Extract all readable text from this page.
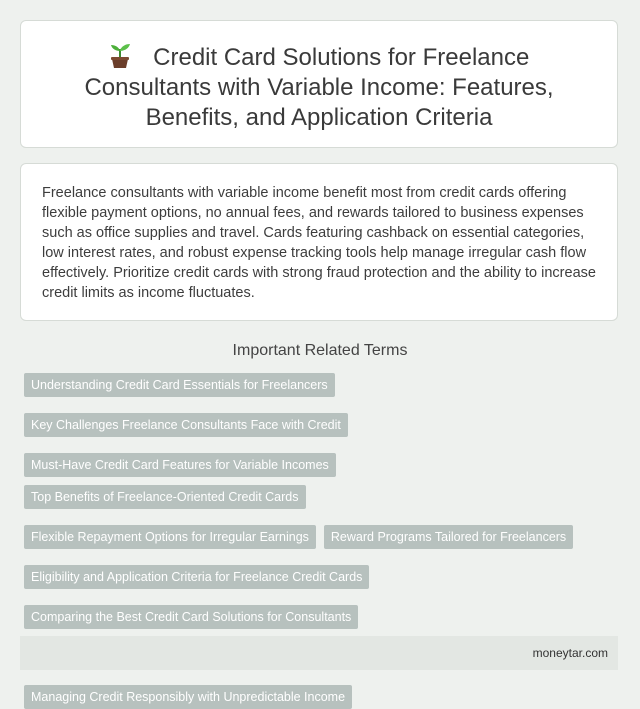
Credit Card Solutions for Freelance Consultants with Variable Income: Features, Benefits, and Application Criteria

Freelance consultants with variable income benefit most from credit cards offering flexible payment options, no annual fees, and rewards tailored to business expenses such as office supplies and travel. Cards featuring cashback on essential categories, low interest rates, and robust expense tracking tools help manage irregular cash flow effectively. Prioritize credit cards with strong fraud protection and the ability to increase credit limits as income fluctuates.

Important Related Terms
Understanding Credit Card Essentials for Freelancers
Key Challenges Freelance Consultants Face with Credit
Must-Have Credit Card Features for Variable Incomes
Top Benefits of Freelance-Oriented Credit Cards
Flexible Repayment Options for Irregular Earnings	Reward Programs Tailored for Freelancers
Eligibility and Application Criteria for Freelance Credit Cards
Comparing the Best Credit Card Solutions for Consultants
Managing Credit Responsibly with Unpredictable Income
moneytar.com
